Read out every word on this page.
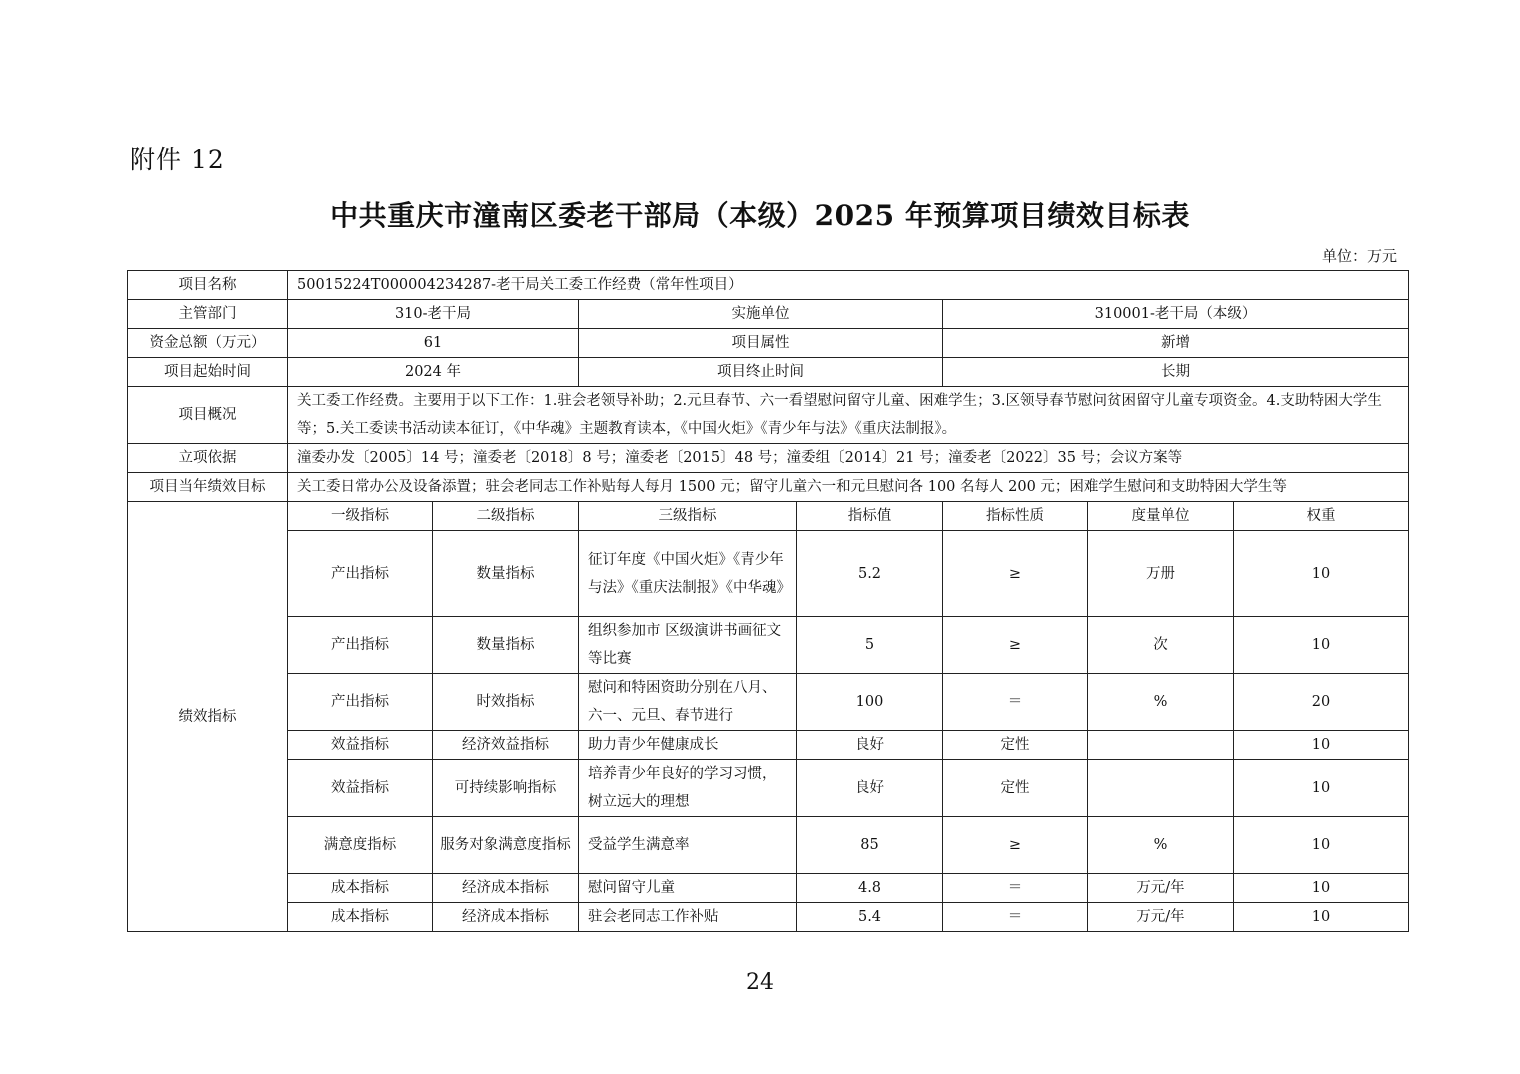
附件 12
中共重庆市潼南区委老干部局（本级）2025 年预算项目绩效目标表
单位：万元
项目名称	50015224T000004234287-老干局关工委工作经费（常年性项目）						
主管部门	310-老干局		实施单位		310001-老干局（本级）		
资金总额（万元）	61		项目属性		新增		
项目起始时间	2024 年		项目终止时间		长期		
项目概况	关工委工作经费。主要用于以下工作：1.驻会老领导补助；2.元旦春节、六一看望慰问留守儿童、困难学生；3.区领导春节慰问贫困留守儿童专项资金。4.支助特困大学生等；5.关工委读书活动读本征订，《中华魂》主题教育读本，《中国火炬》《青少年与法》《重庆法制报》。						
立项依据	潼委办发〔2005〕14 号；潼委老〔2018〕8 号；潼委老〔2015〕48 号；潼委组〔2014〕21 号；潼委老〔2022〕35 号；会议方案等						
项目当年绩效目标	关工委日常办公及设备添置；驻会老同志工作补贴每人每月 1500 元；留守儿童六一和元旦慰问各 100 名每人 200 元；困难学生慰问和支助特困大学生等						
绩效指标	一级指标	二级指标	三级指标	指标值	指标性质	度量单位	权重
	产出指标	数量指标	征订年度《中国火炬》《青少年与法》《重庆法制报》《中华魂》	5.2	≥	万册	10
	产出指标	数量指标	组织参加市 区级演讲书画征文等比赛	5	≥	次	10
	产出指标	时效指标	慰问和特困资助分别在八月、六一、元旦、春节进行	100	＝	%	20
	效益指标	经济效益指标	助力青少年健康成长	良好	定性		10
	效益指标	可持续影响指标	培养青少年良好的学习习惯，树立远大的理想	良好	定性		10
	满意度指标	服务对象满意度指标	受益学生满意率	85	≥	%	10
	成本指标	经济成本指标	慰问留守儿童	4.8	＝	万元/年	10
	成本指标	经济成本指标	驻会老同志工作补贴	5.4	＝	万元/年	10
24
